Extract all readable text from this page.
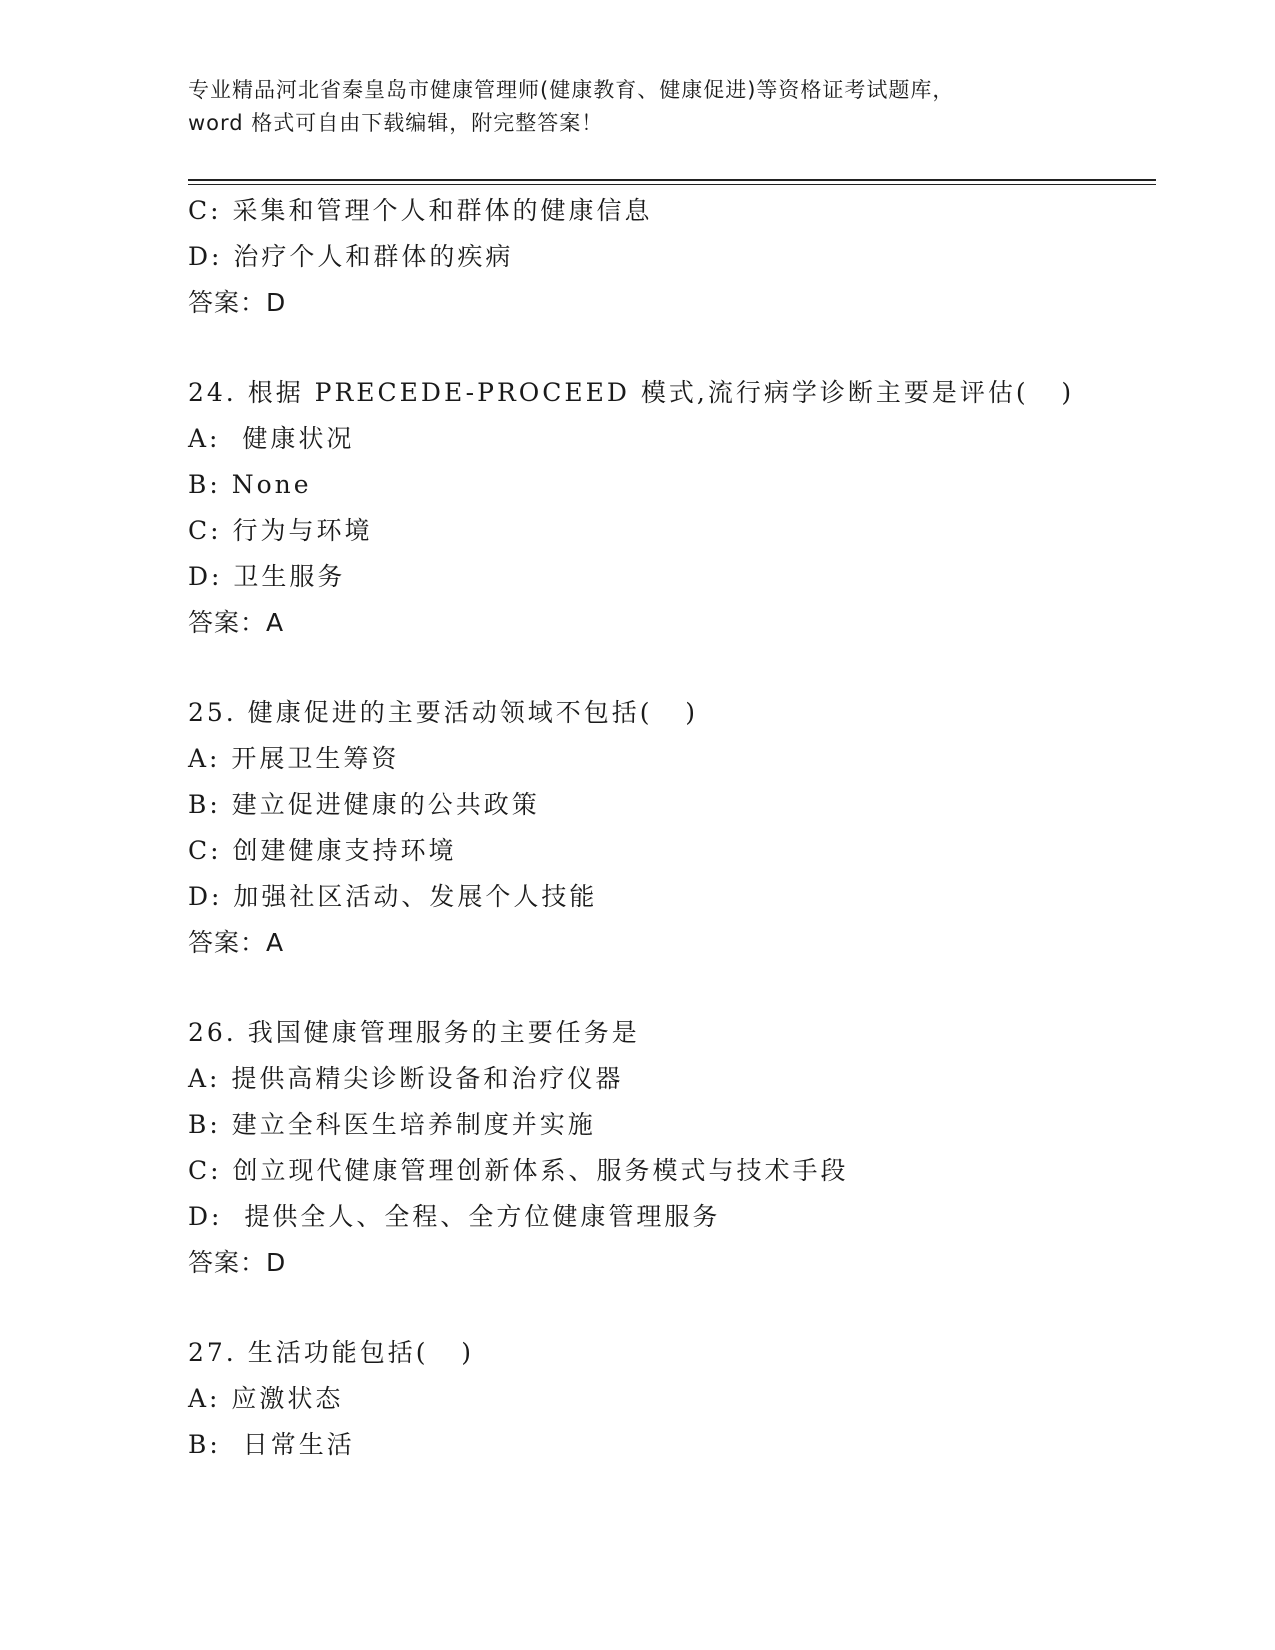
专业精品河北省秦皇岛市健康管理师(健康教育、健康促进)等资格证考试题库，
word 格式可自由下载编辑，附完整答案！
C: 采集和管理个人和群体的健康信息
D: 治疗个人和群体的疾病
答案：D
24. 根据 PRECEDE-PROCEED 模式,流行病学诊断主要是评估(   )
A:  健康状况
B: None
C: 行为与环境
D: 卫生服务
答案：A
25. 健康促进的主要活动领域不包括(   )
A: 开展卫生筹资
B: 建立促进健康的公共政策
C: 创建健康支持环境
D: 加强社区活动、发展个人技能
答案：A
26. 我国健康管理服务的主要任务是
A: 提供高精尖诊断设备和治疗仪器
B: 建立全科医生培养制度并实施
C: 创立现代健康管理创新体系、服务模式与技术手段
D:  提供全人、全程、全方位健康管理服务
答案：D
27. 生活功能包括(   )
A: 应激状态
B:  日常生活
